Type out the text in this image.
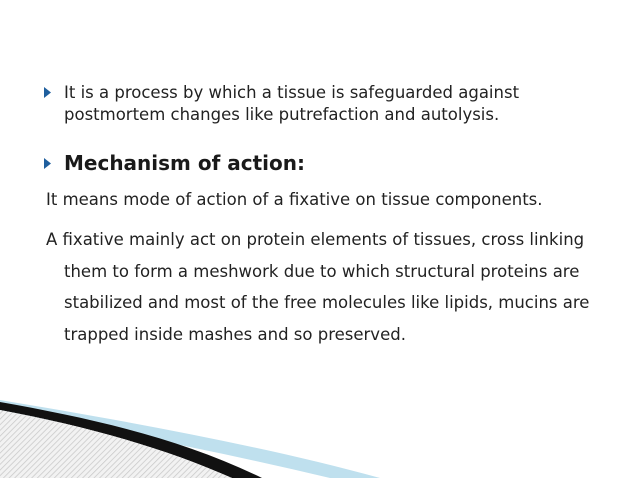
It is a process by which a tissue is safeguarded against postmortem changes like putrefaction and autolysis.
Mechanism of action:
It means mode of action of a fixative on tissue components.
A fixative mainly act on protein elements of tissues, cross linking them to form a meshwork due to which structural proteins are stabilized and most of the free molecules like lipids, mucins are trapped inside mashes and so preserved.
